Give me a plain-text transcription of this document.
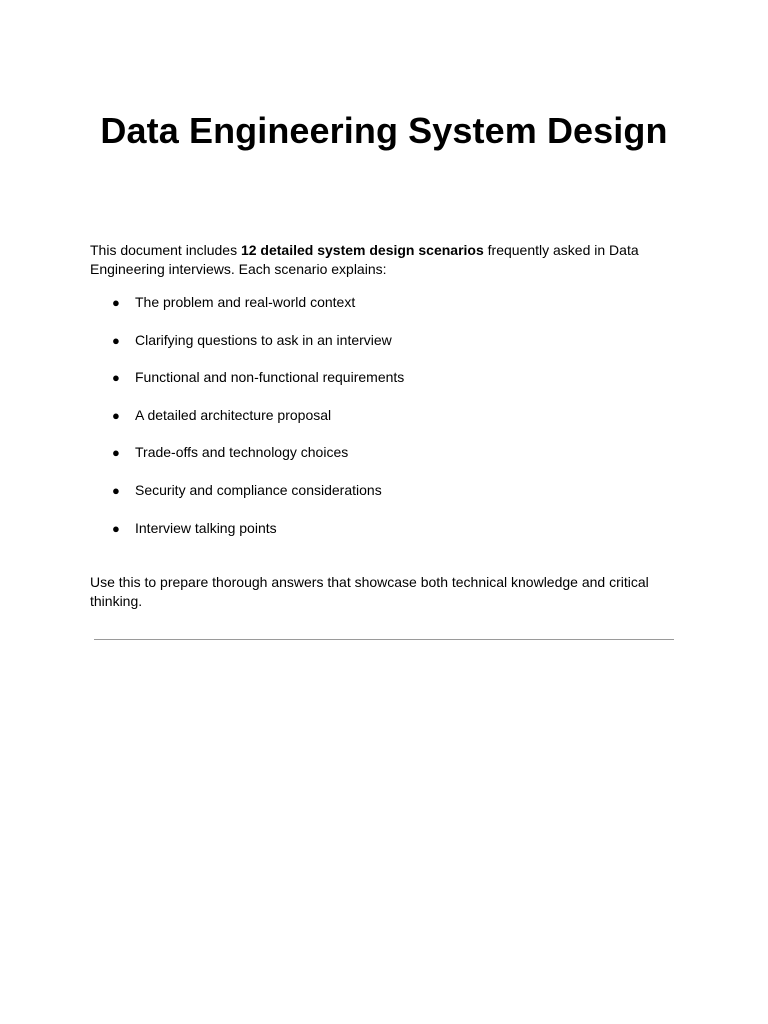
Data Engineering System Design

This document includes 12 detailed system design scenarios frequently asked in Data Engineering interviews. Each scenario explains:

● The problem and real-world context
● Clarifying questions to ask in an interview
● Functional and non-functional requirements
● A detailed architecture proposal
● Trade-offs and technology choices
● Security and compliance considerations
● Interview talking points

Use this to prepare thorough answers that showcase both technical knowledge and critical thinking.
